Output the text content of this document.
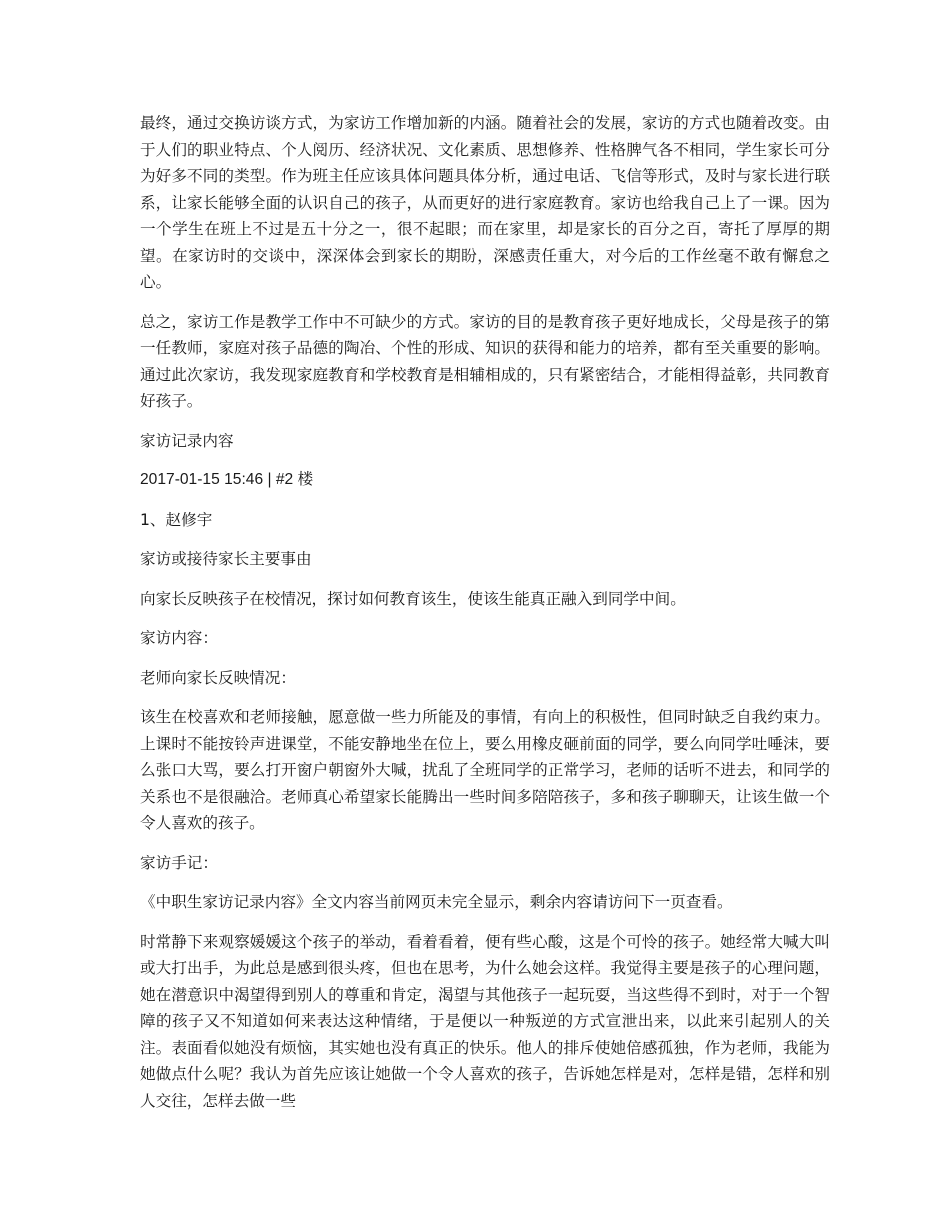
最终，通过交换访谈方式，为家访工作增加新的内涵。随着社会的发展，家访的方式也随着改变。由于人们的职业特点、个人阅历、经济状况、文化素质、思想修养、性格脾气各不相同，学生家长可分为好多不同的类型。作为班主任应该具体问题具体分析，通过电话、飞信等形式，及时与家长进行联系，让家长能够全面的认识自己的孩子，从而更好的进行家庭教育。家访也给我自己上了一课。因为一个学生在班上不过是五十分之一，很不起眼；而在家里，却是家长的百分之百，寄托了厚厚的期望。在家访时的交谈中，深深体会到家长的期盼，深感责任重大，对今后的工作丝毫不敢有懈怠之心。

总之，家访工作是教学工作中不可缺少的方式。家访的目的是教育孩子更好地成长，父母是孩子的第一任教师，家庭对孩子品德的陶冶、个性的形成、知识的获得和能力的培养，都有至关重要的影响。通过此次家访，我发现家庭教育和学校教育是相辅相成的，只有紧密结合，才能相得益彰，共同教育好孩子。

家访记录内容

2017-01-15 15:46 | #2 楼

1、赵修宇

家访或接待家长主要事由

向家长反映孩子在校情况，探讨如何教育该生，使该生能真正融入到同学中间。

家访内容：

老师向家长反映情况：

该生在校喜欢和老师接触，愿意做一些力所能及的事情，有向上的积极性，但同时缺乏自我约束力。上课时不能按铃声进课堂，不能安静地坐在位上，要么用橡皮砸前面的同学，要么向同学吐唾沫，要么张口大骂，要么打开窗户朝窗外大喊，扰乱了全班同学的正常学习，老师的话听不进去，和同学的关系也不是很融洽。老师真心希望家长能腾出一些时间多陪陪孩子，多和孩子聊聊天，让该生做一个令人喜欢的孩子。

家访手记：

《中职生家访记录内容》全文内容当前网页未完全显示，剩余内容请访问下一页查看。

时常静下来观察媛媛这个孩子的举动，看着看着，便有些心酸，这是个可怜的孩子。她经常大喊大叫或大打出手，为此总是感到很头疼，但也在思考，为什么她会这样。我觉得主要是孩子的心理问题，她在潜意识中渴望得到别人的尊重和肯定，渴望与其他孩子一起玩耍，当这些得不到时，对于一个智障的孩子又不知道如何来表达这种情绪，于是便以一种叛逆的方式宣泄出来，以此来引起别人的关注。表面看似她没有烦恼，其实她也没有真正的快乐。他人的排斥使她倍感孤独，作为老师，我能为她做点什么呢？我认为首先应该让她做一个令人喜欢的孩子，告诉她怎样是对，怎样是错，怎样和别人交往，怎样去做一些
